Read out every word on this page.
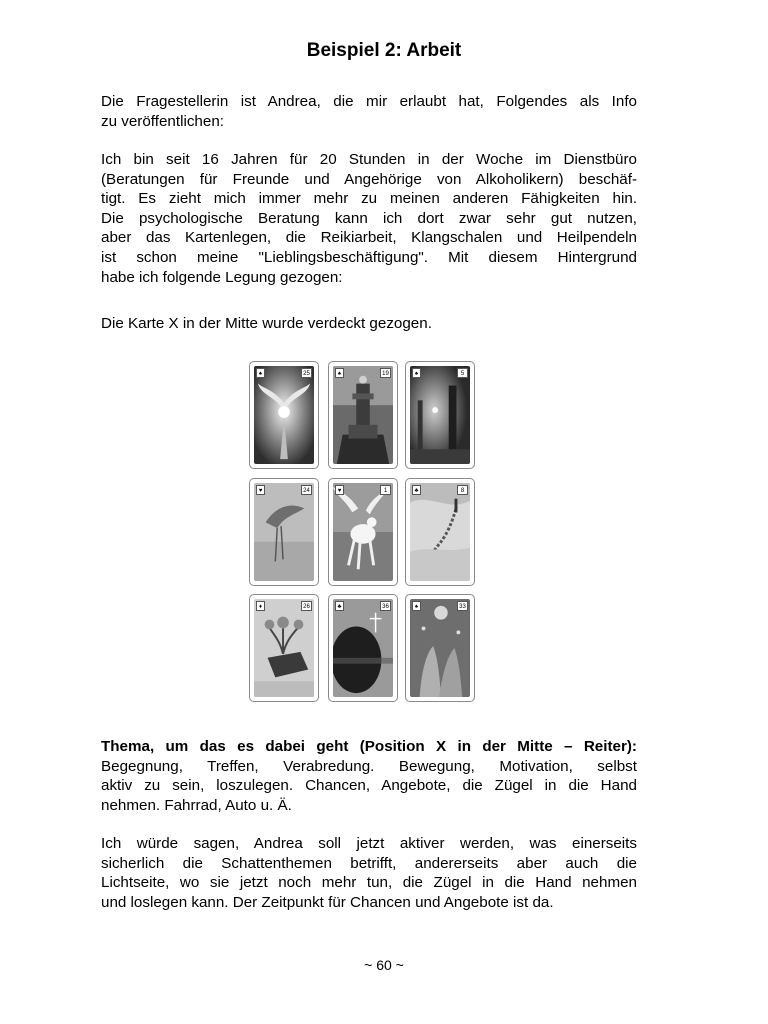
Beispiel 2: Arbeit
Die Fragestellerin ist Andrea, die mir erlaubt hat, Folgendes als Info
zu veröffentlichen:
Ich bin seit 16 Jahren für 20 Stunden in der Woche im Dienstbüro
(Beratungen für Freunde und Angehörige von Alkoholikern) beschäf-
tigt. Es zieht mich immer mehr zu meinen anderen Fähigkeiten hin.
Die psychologische Beratung kann ich dort zwar sehr gut nutzen,
aber das Kartenlegen, die Reikiarbeit, Klangschalen und Heilpendeln
ist schon meine "Lieblingsbeschäftigung". Mit diesem Hintergrund
habe ich folgende Legung gezogen:
Die Karte X in der Mitte wurde verdeckt gezogen.
♠	25	♠	19	♠	5
♥	24	♥	1	♣	8
♦	26	♣	36	♠	33
Thema, um das es dabei geht (Position X in der Mitte – Reiter):
Begegnung, Treffen, Verabredung. Bewegung, Motivation, selbst
aktiv zu sein, loszulegen. Chancen, Angebote, die Zügel in die Hand
nehmen. Fahrrad, Auto u. Ä.
Ich würde sagen, Andrea soll jetzt aktiver werden, was einerseits
sicherlich die Schattenthemen betrifft, andererseits aber auch die
Lichtseite, wo sie jetzt noch mehr tun, die Zügel in die Hand nehmen
und loslegen kann. Der Zeitpunkt für Chancen und Angebote ist da.
~ 60 ~
